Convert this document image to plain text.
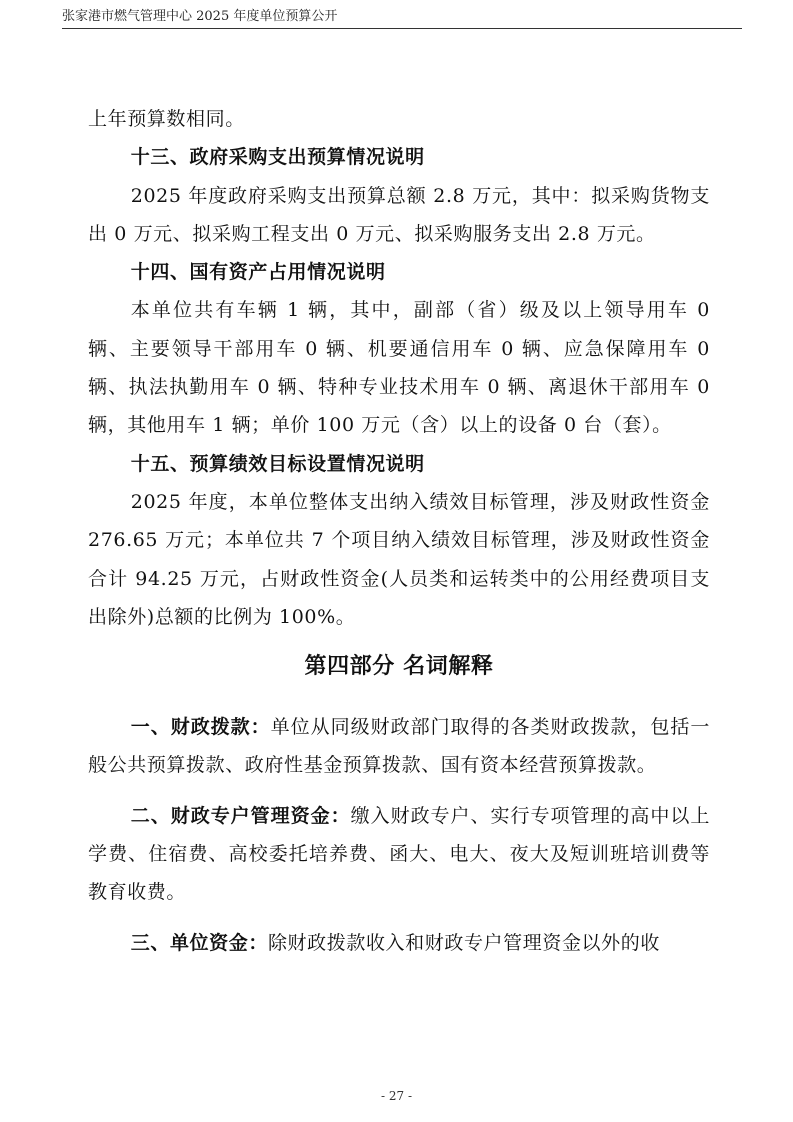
张家港市燃气管理中心 2025 年度单位预算公开

上年预算数相同。

十三、政府采购支出预算情况说明

2025 年度政府采购支出预算总额 2.8 万元，其中：拟采购货物支出 0 万元、拟采购工程支出 0 万元、拟采购服务支出 2.8 万元。

十四、国有资产占用情况说明

本单位共有车辆 1 辆，其中，副部（省）级及以上领导用车 0 辆、主要领导干部用车 0 辆、机要通信用车 0 辆、应急保障用车 0 辆、执法执勤用车 0 辆、特种专业技术用车 0 辆、离退休干部用车 0 辆，其他用车 1 辆；单价 100 万元（含）以上的设备 0 台（套）。

十五、预算绩效目标设置情况说明

2025 年度，本单位整体支出纳入绩效目标管理，涉及财政性资金 276.65 万元；本单位共 7 个项目纳入绩效目标管理，涉及财政性资金合计 94.25 万元，占财政性资金(人员类和运转类中的公用经费项目支出除外)总额的比例为 100%。

第四部分 名词解释

一、财政拨款：单位从同级财政部门取得的各类财政拨款，包括一般公共预算拨款、政府性基金预算拨款、国有资本经营预算拨款。

二、财政专户管理资金：缴入财政专户、实行专项管理的高中以上学费、住宿费、高校委托培养费、函大、电大、夜大及短训班培训费等教育收费。

三、单位资金：除财政拨款收入和财政专户管理资金以外的收

- 27 -
